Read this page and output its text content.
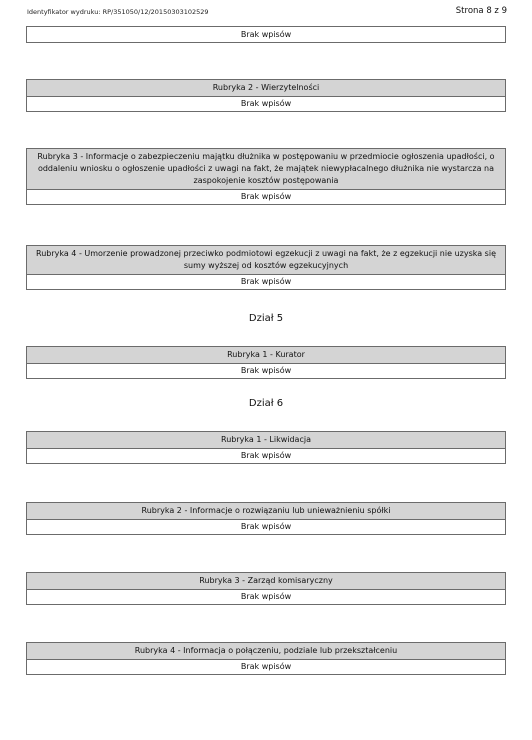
Identyfikator wydruku: RP/351050/12/20150303102529	Strona 8 z 9
Brak wpisów
Rubryka 2 - Wierzytelności
Brak wpisów
Rubryka 3 - Informacje o zabezpieczeniu majątku dłużnika w postępowaniu w przedmiocie ogłoszenia upadłości, o oddaleniu wniosku o ogłoszenie upadłości z uwagi na fakt, że majątek niewypłacalnego dłużnika nie wystarcza na zaspokojenie kosztów postępowania
Brak wpisów
Rubryka 4 - Umorzenie prowadzonej przeciwko podmiotowi egzekucji z uwagi na fakt, że z egzekucji nie uzyska się sumy wyższej od kosztów egzekucyjnych
Brak wpisów
Dział 5
Rubryka 1 - Kurator
Brak wpisów
Dział 6
Rubryka 1 - Likwidacja
Brak wpisów
Rubryka 2 - Informacje o rozwiązaniu lub unieważnieniu spółki
Brak wpisów
Rubryka 3 - Zarząd komisaryczny
Brak wpisów
Rubryka 4 - Informacja o połączeniu, podziale lub przekształceniu
Brak wpisów
